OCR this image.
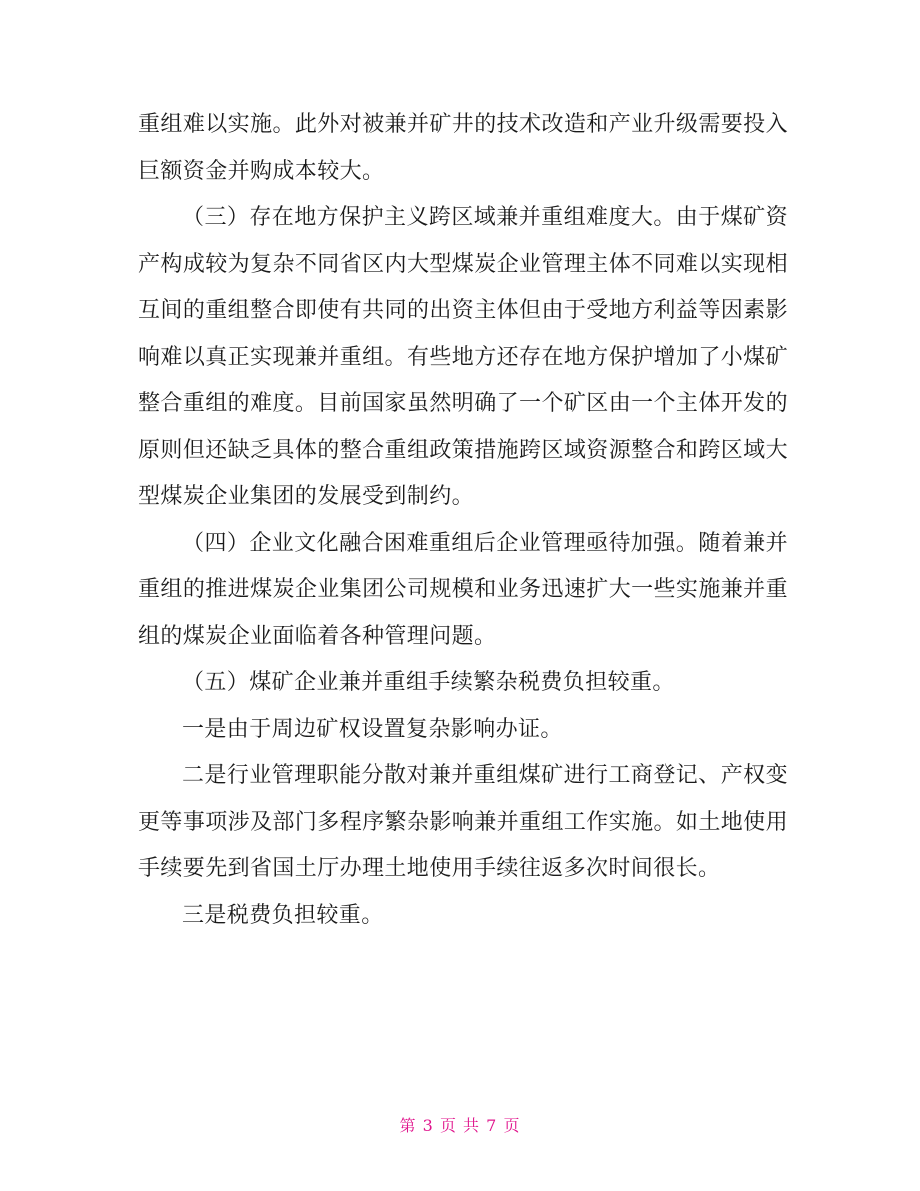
重组难以实施。此外对被兼并矿井的技术改造和产业升级需要投入巨额资金并购成本较大。

（三）存在地方保护主义跨区域兼并重组难度大。由于煤矿资产构成较为复杂不同省区内大型煤炭企业管理主体不同难以实现相互间的重组整合即使有共同的出资主体但由于受地方利益等因素影响难以真正实现兼并重组。有些地方还存在地方保护增加了小煤矿整合重组的难度。目前国家虽然明确了一个矿区由一个主体开发的原则但还缺乏具体的整合重组政策措施跨区域资源整合和跨区域大型煤炭企业集团的发展受到制约。

（四）企业文化融合困难重组后企业管理亟待加强。随着兼并重组的推进煤炭企业集团公司规模和业务迅速扩大一些实施兼并重组的煤炭企业面临着各种管理问题。

（五）煤矿企业兼并重组手续繁杂税费负担较重。

一是由于周边矿权设置复杂影响办证。

二是行业管理职能分散对兼并重组煤矿进行工商登记、产权变更等事项涉及部门多程序繁杂影响兼并重组工作实施。如土地使用手续要先到省国土厅办理土地使用手续往返多次时间很长。

三是税费负担较重。

第 3 页 共 7 页
